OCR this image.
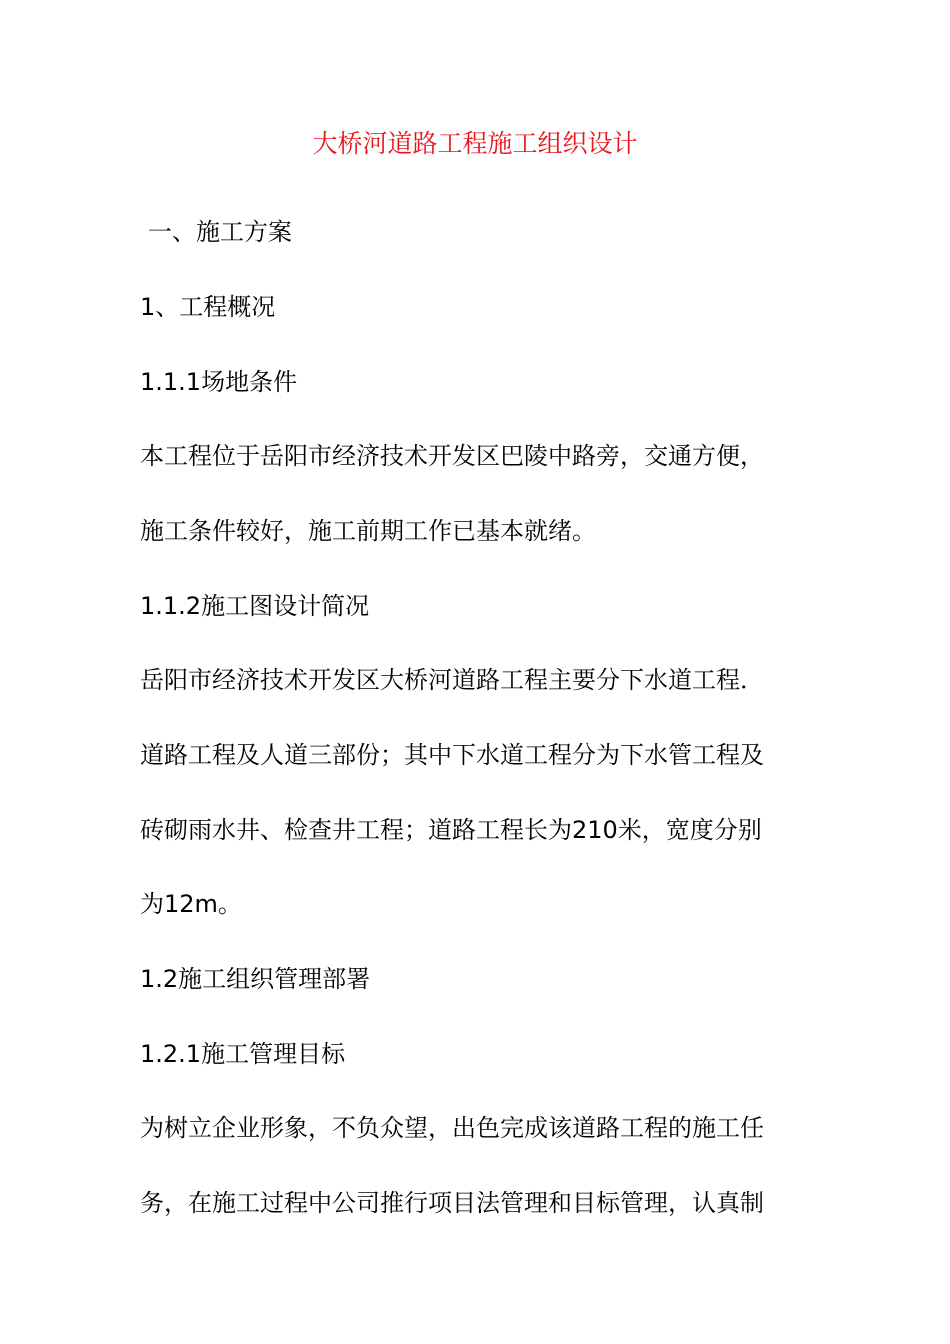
大桥河道路工程施工组织设计
一、施工方案
1、工程概况
1.1.1场地条件
本工程位于岳阳市经济技术开发区巴陵中路旁，交通方便，
施工条件较好，施工前期工作已基本就绪。
1.1.2施工图设计简况
岳阳市经济技术开发区大桥河道路工程主要分下水道工程．
道路工程及人道三部份；其中下水道工程分为下水管工程及
砖砌雨水井、检查井工程；道路工程长为210米，宽度分别
为12m。
1.2施工组织管理部署
1.2.1施工管理目标
为树立企业形象，不负众望，出色完成该道路工程的施工任
务，在施工过程中公司推行项目法管理和目标管理，认真制
